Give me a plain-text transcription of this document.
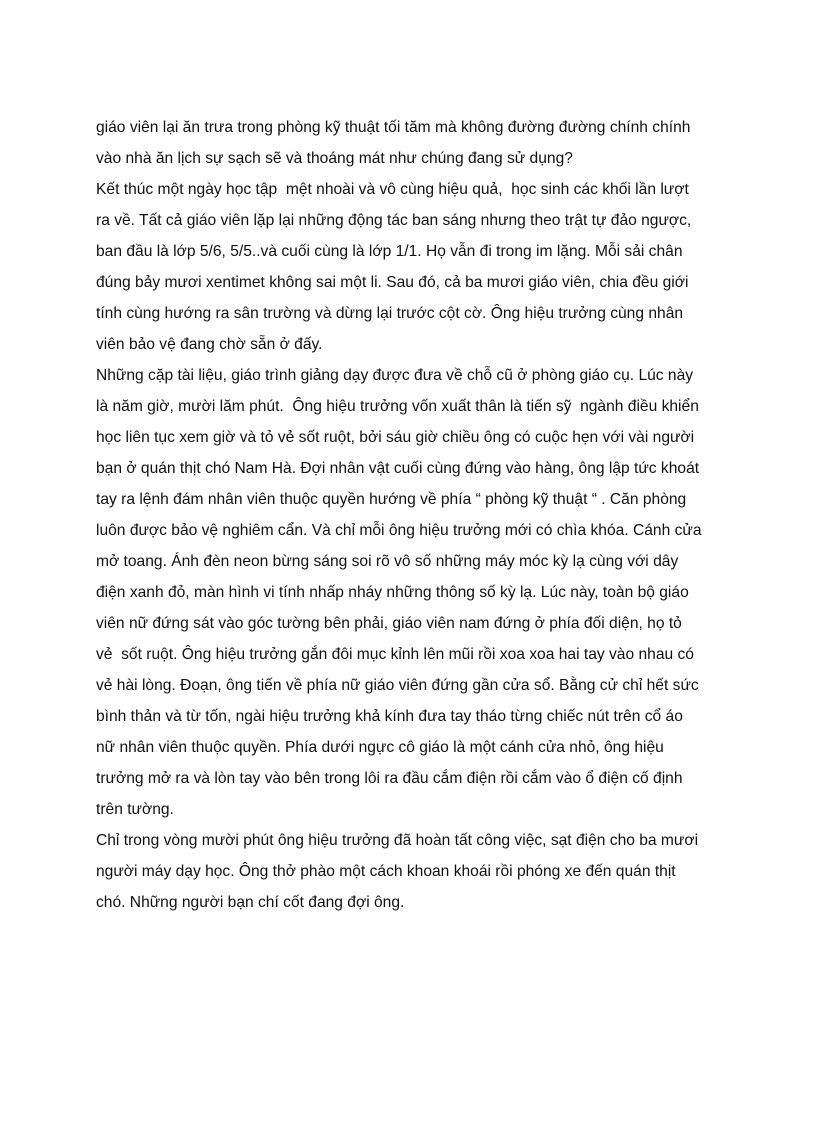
giáo viên lại ăn trưa trong phòng kỹ thuật tối tăm mà không đường đường chính chính
vào nhà ăn lịch sự sạch sẽ và thoáng mát như chúng đang sử dụng?
Kết thúc một ngày học tập  mệt nhoài và vô cùng hiệu quả,  học sinh các khối lần lượt
ra về. Tất cả giáo viên lặp lại những động tác ban sáng nhưng theo trật tự đảo ngược,
ban đầu là lớp 5/6, 5/5..và cuối cùng là lớp 1/1. Họ vẫn đi trong im lặng. Mỗi sải chân
đúng bảy mươi xentimet không sai một li. Sau đó, cả ba mươi giáo viên, chia đều giới
tính cùng hướng ra sân trường và dừng lại trước cột cờ. Ông hiệu trưởng cùng nhân
viên bảo vệ đang chờ sẵn ở đấy.
Những cặp tài liệu, giáo trình giảng dạy được đưa về chỗ cũ ở phòng giáo cụ. Lúc này
là năm giờ, mười lăm phút.  Ông hiệu trưởng vốn xuất thân là tiến sỹ  ngành điều khiển
học liên tục xem giờ và tỏ vẻ sốt ruột, bởi sáu giờ chiều ông có cuộc hẹn với vài người
bạn ở quán thịt chó Nam Hà. Đợi nhân vật cuối cùng đứng vào hàng, ông lập tức khoát
tay ra lệnh đám nhân viên thuộc quyền hướng về phía “ phòng kỹ thuật “ . Căn phòng
luôn được bảo vệ nghiêm cẩn. Và chỉ mỗi ông hiệu trưởng mới có chìa khóa. Cánh cửa
mở toang. Ánh đèn neon bừng sáng soi rõ vô số những máy móc kỳ lạ cùng với dây
điện xanh đỏ, màn hình vi tính nhấp nháy những thông số kỳ lạ. Lúc này, toàn bộ giáo
viên nữ đứng sát vào góc tường bên phải, giáo viên nam đứng ở phía đối diện, họ tỏ
vẻ  sốt ruột. Ông hiệu trưởng gắn đôi mục kỉnh lên mũi rồi xoa xoa hai tay vào nhau có
vẻ hài lòng. Đoạn, ông tiến về phía nữ giáo viên đứng gần cửa sổ. Bằng cử chỉ hết sức
bình thản và từ tốn, ngài hiệu trưởng khả kính đưa tay tháo từng chiếc nút trên cổ áo
nữ nhân viên thuộc quyền. Phía dưới ngực cô giáo là một cánh cửa nhỏ, ông hiệu
trưởng mở ra và lòn tay vào bên trong lôi ra đầu cắm điện rồi cắm vào ổ điện cố định
trên tường.
Chỉ trong vòng mười phút ông hiệu trưởng đã hoàn tất công việc, sạt điện cho ba mươi
người máy dạy học. Ông thở phào một cách khoan khoái rồi phóng xe đến quán thịt
chó. Những người bạn chí cốt đang đợi ông.
